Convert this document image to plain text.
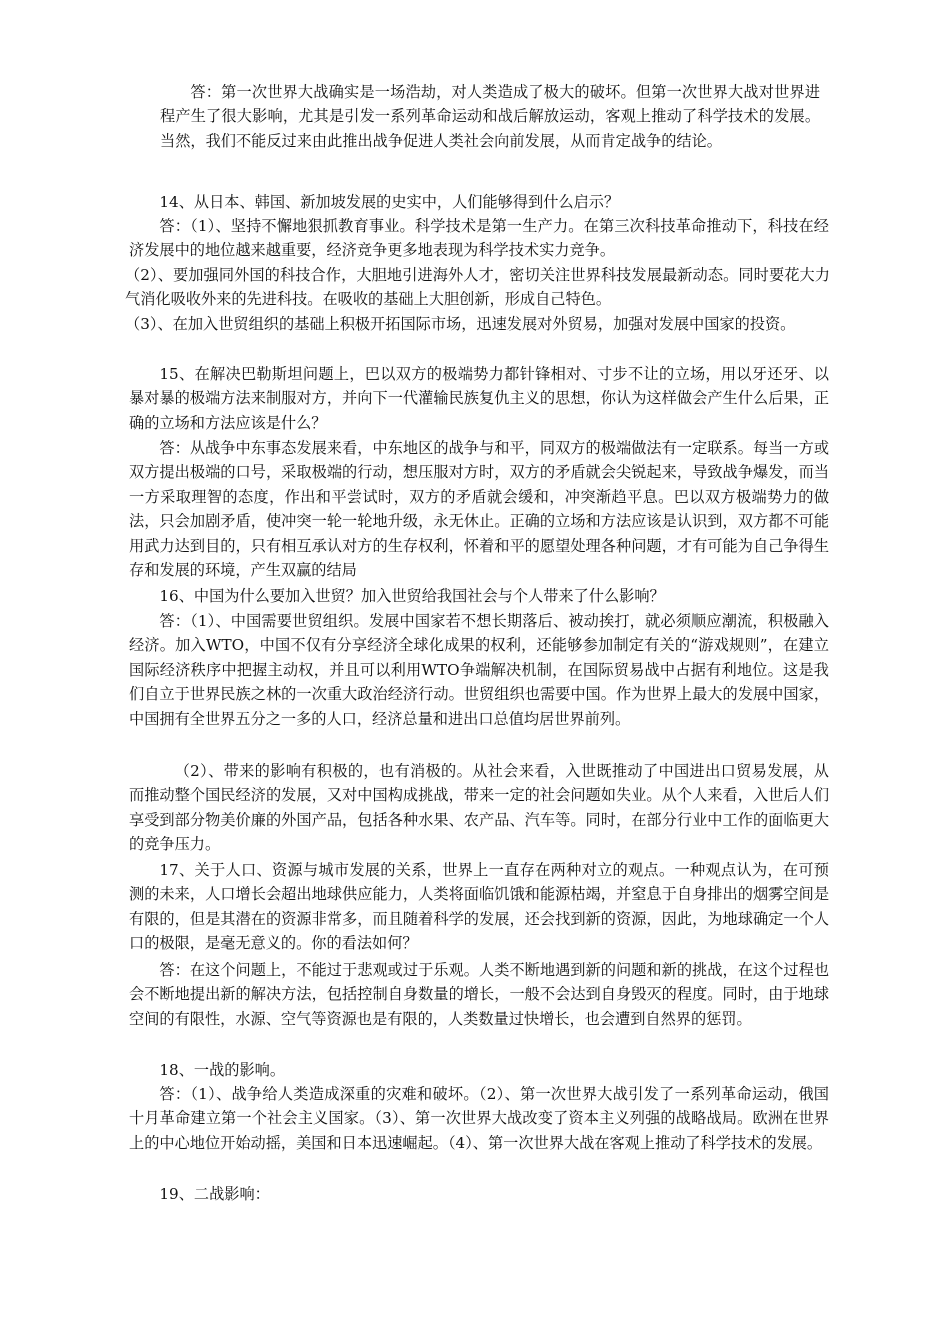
答：第一次世界大战确实是一场浩劫，对人类造成了极大的破坏。但第一次世界大战对世界进程产生了很大影响，尤其是引发一系列革命运动和战后解放运动，客观上推动了科学技术的发展。当然，我们不能反过来由此推出战争促进人类社会向前发展，从而肯定战争的结论。

14、从日本、韩国、新加坡发展的史实中，人们能够得到什么启示？

答：（1）、坚持不懈地狠抓教育事业。科学技术是第一生产力。在第三次科技革命推动下，科技在经济发展中的地位越来越重要，经济竞争更多地表现为科学技术实力竞争。

（2）、要加强同外国的科技合作，大胆地引进海外人才，密切关注世界科技发展最新动态。同时要花大力气消化吸收外来的先进科技。在吸收的基础上大胆创新，形成自己特色。

（3）、在加入世贸组织的基础上积极开拓国际市场，迅速发展对外贸易，加强对发展中国家的投资。

15、在解决巴勒斯坦问题上，巴以双方的极端势力都针锋相对、寸步不让的立场，用以牙还牙、以暴对暴的极端方法来制服对方，并向下一代灌输民族复仇主义的思想，你认为这样做会产生什么后果，正确的立场和方法应该是什么？

答：从战争中东事态发展来看，中东地区的战争与和平，同双方的极端做法有一定联系。每当一方或双方提出极端的口号，采取极端的行动，想压服对方时，双方的矛盾就会尖锐起来，导致战争爆发，而当一方采取理智的态度，作出和平尝试时，双方的矛盾就会缓和，冲突渐趋平息。巴以双方极端势力的做法，只会加剧矛盾，使冲突一轮一轮地升级，永无休止。正确的立场和方法应该是认识到，双方都不可能用武力达到目的，只有相互承认对方的生存权利，怀着和平的愿望处理各种问题，才有可能为自己争得生存和发展的环境，产生双赢的结局

16、中国为什么要加入世贸？加入世贸给我国社会与个人带来了什么影响？

答：（1）、中国需要世贸组织。发展中国家若不想长期落后、被动挨打，就必须顺应潮流，积极融入经济。加入WTO，中国不仅有分享经济全球化成果的权利，还能够参加制定有关的“游戏规则”，在建立国际经济秩序中把握主动权，并且可以利用WTO争端解决机制，在国际贸易战中占据有利地位。这是我们自立于世界民族之林的一次重大政治经济行动。世贸组织也需要中国。作为世界上最大的发展中国家，中国拥有全世界五分之一多的人口，经济总量和进出口总值均居世界前列。

（2）、带来的影响有积极的，也有消极的。从社会来看，入世既推动了中国进出口贸易发展，从而推动整个国民经济的发展，又对中国构成挑战，带来一定的社会问题如失业。从个人来看，入世后人们享受到部分物美价廉的外国产品，包括各种水果、农产品、汽车等。同时，在部分行业中工作的面临更大的竞争压力。

17、关于人口、资源与城市发展的关系，世界上一直存在两种对立的观点。一种观点认为，在可预测的未来，人口增长会超出地球供应能力，人类将面临饥饿和能源枯竭，并窒息于自身排出的烟雾空间是有限的，但是其潜在的资源非常多，而且随着科学的发展，还会找到新的资源，因此，为地球确定一个人口的极限，是毫无意义的。你的看法如何？

答：在这个问题上，不能过于悲观或过于乐观。人类不断地遇到新的问题和新的挑战，在这个过程也会不断地提出新的解决方法，包括控制自身数量的增长，一般不会达到自身毁灭的程度。同时，由于地球空间的有限性，水源、空气等资源也是有限的，人类数量过快增长，也会遭到自然界的惩罚。

18、一战的影响。

答：（1）、战争给人类造成深重的灾难和破坏。（2）、第一次世界大战引发了一系列革命运动，俄国十月革命建立第一个社会主义国家。（3）、第一次世界大战改变了资本主义列强的战略战局。欧洲在世界上的中心地位开始动摇，美国和日本迅速崛起。（4）、第一次世界大战在客观上推动了科学技术的发展。

19、二战影响：
